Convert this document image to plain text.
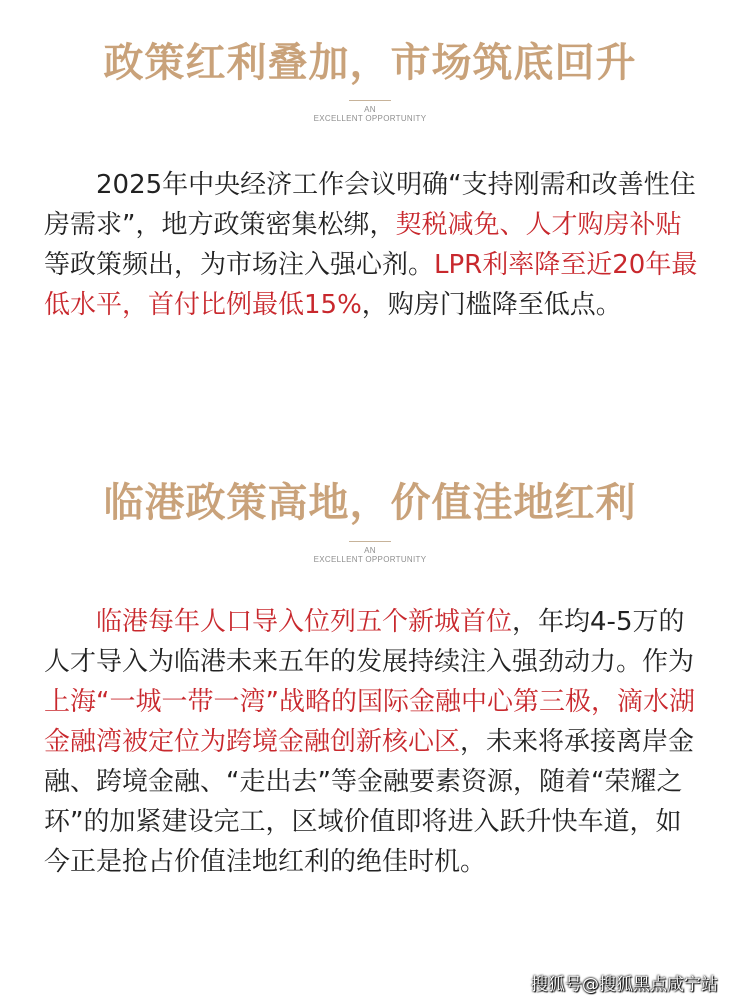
政策红利叠加，市场筑底回升
AN
EXCELLENT OPPORTUNITY

2025年中央经济工作会议明确“支持刚需和改善性住房需求”，地方政策密集松绑，契税减免、人才购房补贴等政策频出，为市场注入强心剂。LPR利率降至近20年最低水平，首付比例最低15%，购房门槛降至低点。

临港政策高地，价值洼地红利
AN
EXCELLENT OPPORTUNITY

临港每年人口导入位列五个新城首位，年均4-5万的人才导入为临港未来五年的发展持续注入强劲动力。作为上海“一城一带一湾”战略的国际金融中心第三极，滴水湖金融湾被定位为跨境金融创新核心区，未来将承接离岸金融、跨境金融、“走出去”等金融要素资源，随着“荣耀之环”的加紧建设完工，区域价值即将进入跃升快车道，如今正是抢占价值洼地红利的绝佳时机。

搜狐号@搜狐黑点咸宁站
